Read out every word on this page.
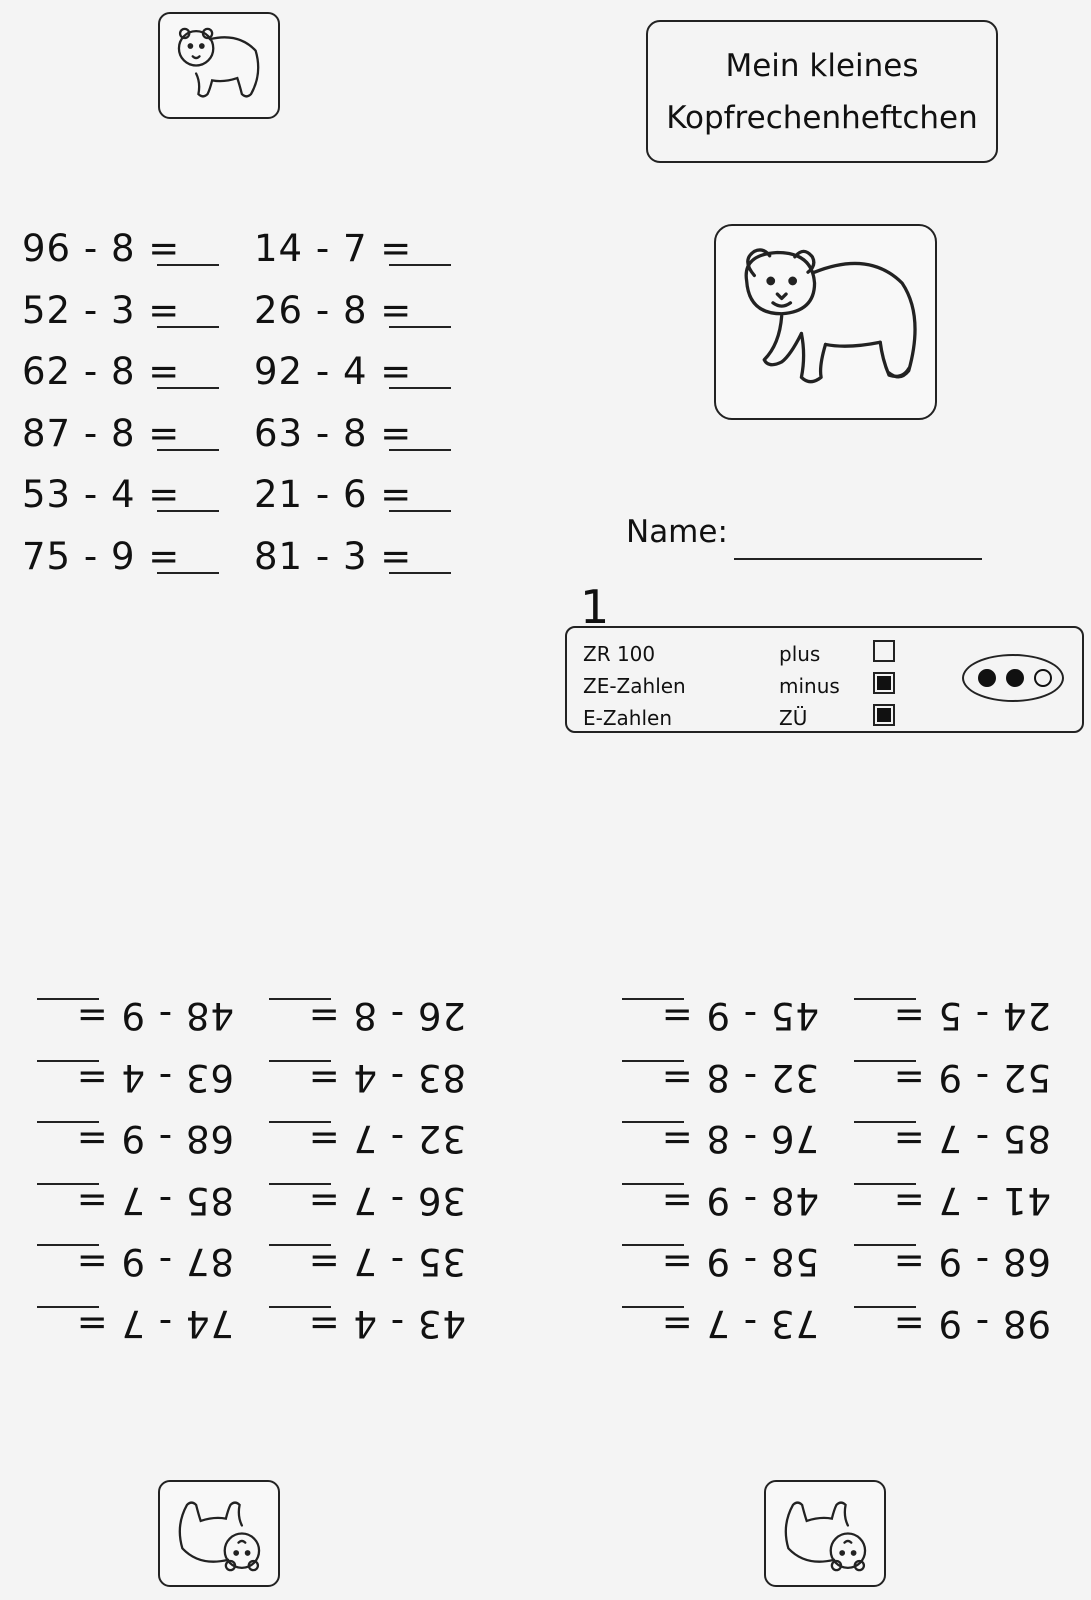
Mein kleines
Kopfrechenheftchen
96 - 8 =
52 - 3 =
62 - 8 =
87 - 8 =
53 - 4 =
75 - 9 =
14 - 7 =
26 - 8 =
92 - 4 =
63 - 8 =
21 - 6 =
81 - 3 =
Name:
1
ZR 100	plus
ZE-Zahlen	minus
E-Zahlen	ZÜ
43 - 4 =
35 - 7 =
36 - 7 =
32 - 7 =
83 - 4 =
26 - 8 =
74 - 7 =
87 - 9 =
85 - 7 =
68 - 9 =
63 - 4 =
48 - 9 =
98 - 9 =
68 - 9 =
41 - 7 =
85 - 7 =
52 - 9 =
24 - 5 =
73 - 7 =
58 - 9 =
48 - 9 =
76 - 8 =
32 - 8 =
45 - 9 =
